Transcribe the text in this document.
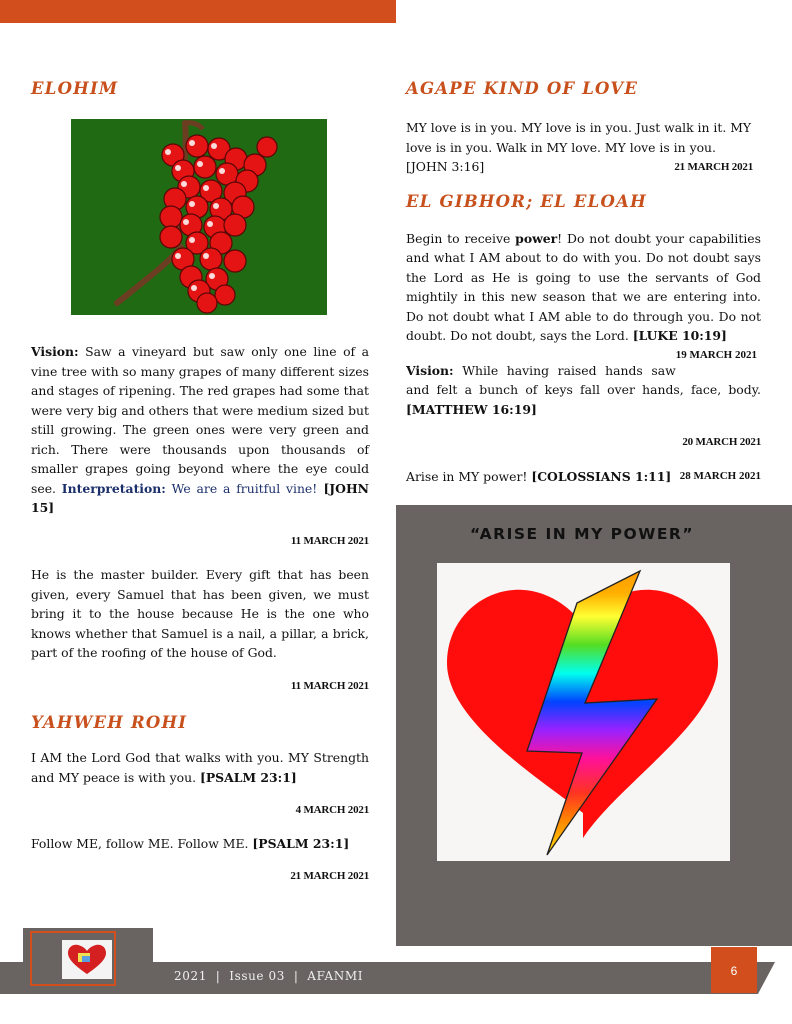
ELOHIM

Vision: Saw a vineyard but saw only one line of a vine tree with so many grapes of many different sizes and stages of ripening. The red grapes had some that were very big and others that were medium sized but still growing. The green ones were very green and rich. There were thousands upon thousands of smaller grapes going beyond where the eye could see. Interpretation: We are a fruitful vine! [JOHN 15]

11 MARCH 2021

He is the master builder. Every gift that has been given, every Samuel that has been given, we must bring it to the house because He is the one who knows whether that Samuel is a nail, a pillar, a brick, part of the roofing of the house of God.

11 MARCH 2021
YAHWEH ROHI

I AM the Lord God that walks with you. MY Strength and MY peace is with you. [PSALM 23:1]

4 MARCH 2021

Follow ME, follow ME. Follow ME. [PSALM 23:1]

21 MARCH 2021
AGAPE KIND OF LOVE

MY love is in you. MY love is in you. Just walk in it. MY love is in you. Walk in MY love. MY love is in you. [JOHN 3:16]	21 MARCH 2021
EL GIBHOR; EL ELOAH

Begin to receive power! Do not doubt your capabilities and what I AM about to do with you. Do not doubt says the Lord as He is going to use the servants of God mightily in this new season that we are entering into. Do not doubt what I AM able to do through you. Do not doubt. Do not doubt, says the Lord. [LUKE 10:19]
19 MARCH 2021

Vision: While having raised hands saw and felt a bunch of keys fall over hands, face, body. [MATTHEW 16:19]

20 MARCH 2021

Arise in MY power! [COLOSSIANS 1:11] 28 MARCH 2021

“ARISE IN MY POWER”
2021  |  Issue 03  |  AFANMI	6
